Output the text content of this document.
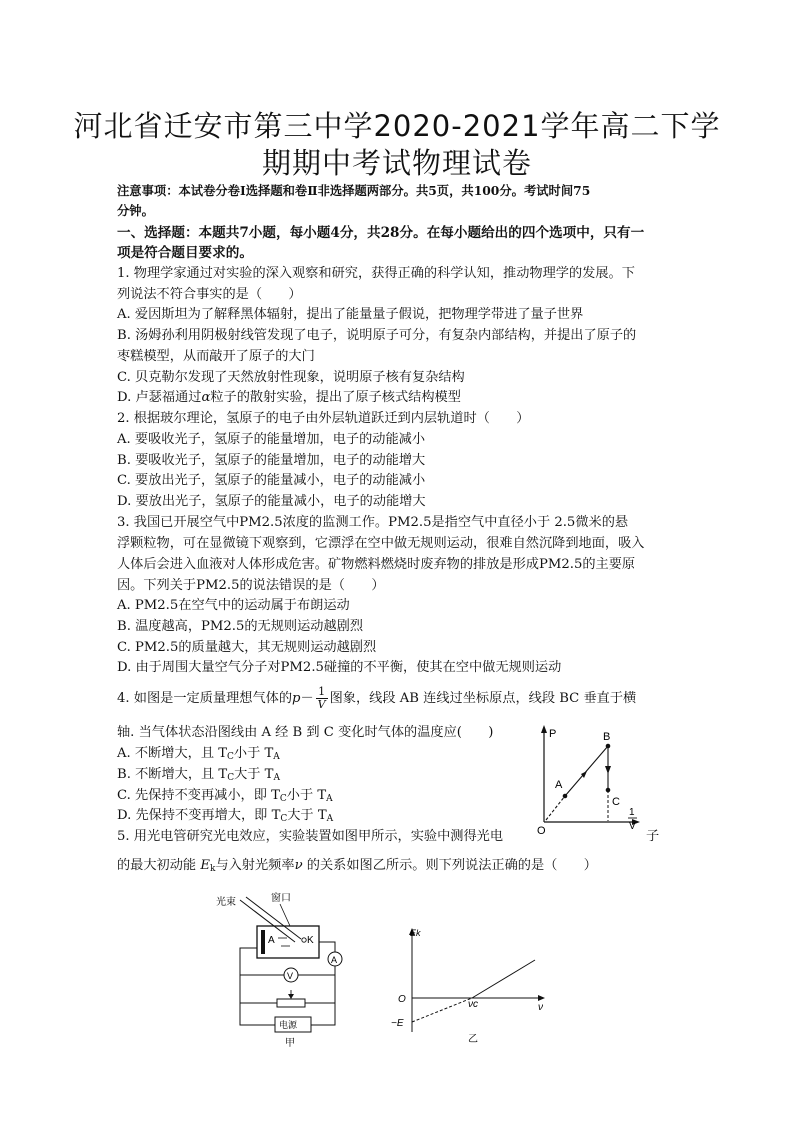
河北省迁安市第三中学2020-2021学年高二下学
期期中考试物理试卷
注意事项：本试卷分卷Ⅰ选择题和卷Ⅱ非选择题两部分。共5页，共100分。考试时间75
分钟。
一、选择题：本题共7小题，每小题4分，共28分。在每小题给出的四个选项中，只有一
项是符合题目要求的。
1. 物理学家通过对实验的深入观察和研究，获得正确的科学认知，推动物理学的发展。下
列说法不符合事实的是（　　）
A. 爱因斯坦为了解释黑体辐射，提出了能量量子假说，把物理学带进了量子世界
B. 汤姆孙利用阴极射线管发现了电子，说明原子可分，有复杂内部结构，并提出了原子的
枣糕模型，从而敲开了原子的大门
C. 贝克勒尔发现了天然放射性现象，说明原子核有复杂结构
D. 卢瑟福通过α粒子的散射实验，提出了原子核式结构模型
2. 根据玻尔理论，氢原子的电子由外层轨道跃迁到内层轨道时（　　）
A. 要吸收光子，氢原子的能量增加，电子的动能减小
B. 要吸收光子，氢原子的能量增加，电子的动能增大
C. 要放出光子，氢原子的能量减小，电子的动能减小
D. 要放出光子，氢原子的能量减小，电子的动能增大
3. 我国已开展空气中PM2.5浓度的监测工作。PM2.5是指空气中直径小于 2.5微米的悬
浮颗粒物，可在显微镜下观察到，它漂浮在空中做无规则运动，很难自然沉降到地面，吸入
人体后会进入血液对人体形成危害。矿物燃料燃烧时废弃物的排放是形成PM2.5的主要原
因。下列关于PM2.5的说法错误的是（　　）
A. PM2.5在空气中的运动属于布朗运动
B. 温度越高，PM2.5的无规则运动越剧烈
C. PM2.5的质量越大，其无规则运动越剧烈
D. 由于周围大量空气分子对PM2.5碰撞的不平衡，使其在空中做无规则运动
4. 如图是一定质量理想气体的$p- \frac{1}{V}$ 图象，线段 AB 连线过坐标原点，线段 BC 垂直于横
轴. 当气体状态沿图线由 A 经 B 到 C 变化时气体的温度应(　　)
A. 不断增大，且 $T_C$小于 $T_A$
B. 不断增大，且 $T_C$大于 $T_A$
C. 先保持不变再减小，即 $T_C$小于 $T_A$
D. 先保持不变再增大，即 $T_C$大于 $T_A$
5. 用光电管研究光电效应，实验装置如图甲所示，实验中测得光电	子
的最大初动能 $E_k$与入射光频率ν 的关系如图乙所示。则下列说法正确的是（　　）
P
A
B
C
O
1
V
光束	窗口
A	K
电源
V
A
甲
Ek
O
−E
νc	ν
乙
